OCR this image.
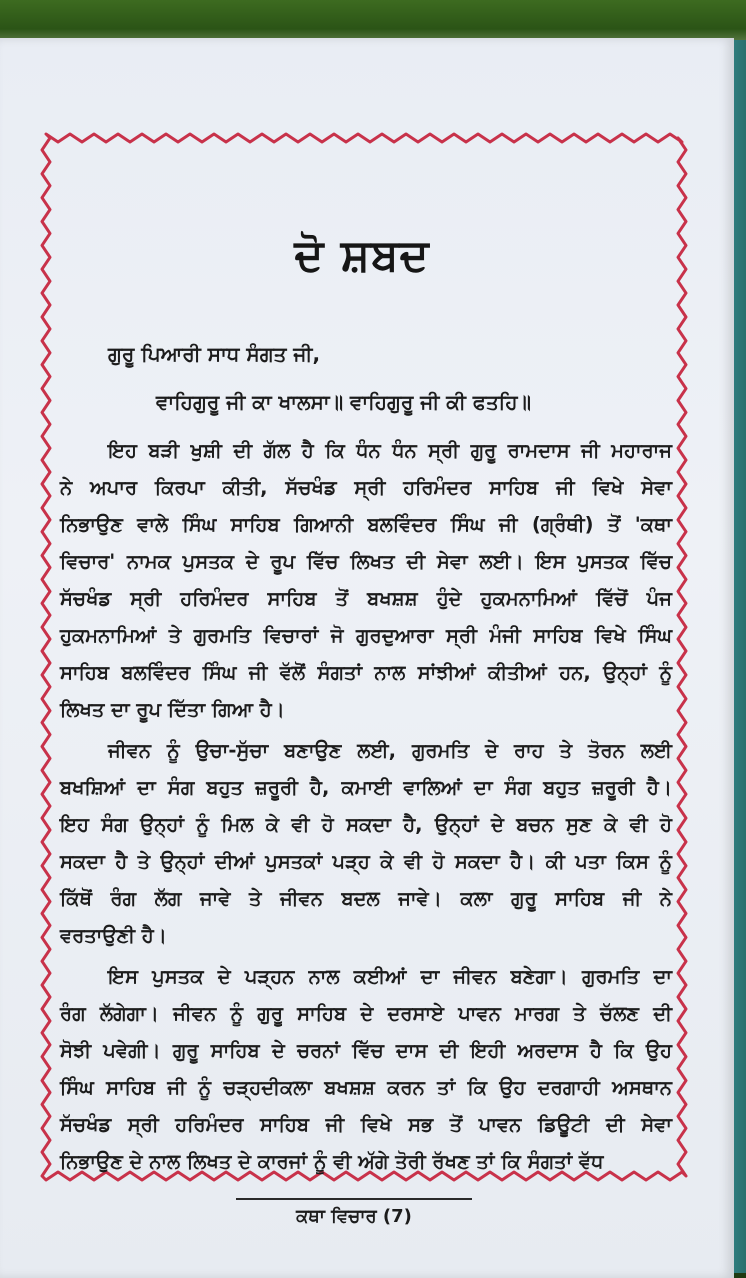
ਦੋ ਸ਼ਬਦ
ਗੁਰੂ ਪਿਆਰੀ ਸਾਧ ਸੰਗਤ ਜੀ,
ਵਾਹਿਗੁਰੂ ਜੀ ਕਾ ਖਾਲਸਾ॥ ਵਾਹਿਗੁਰੂ ਜੀ ਕੀ ਫਤਹਿ॥
ਇਹ ਬੜੀ ਖੁਸ਼ੀ ਦੀ ਗੱਲ ਹੈ ਕਿ ਧੰਨ ਧੰਨ ਸ੍ਰੀ ਗੁਰੂ ਰਾਮਦਾਸ ਜੀ ਮਹਾਰਾਜ
ਨੇ ਅਪਾਰ ਕਿਰਪਾ ਕੀਤੀ, ਸੱਚਖੰਡ ਸ੍ਰੀ ਹਰਿਮੰਦਰ ਸਾਹਿਬ ਜੀ ਵਿਖੇ ਸੇਵਾ
ਨਿਭਾਉਣ ਵਾਲੇ ਸਿੰਘ ਸਾਹਿਬ ਗਿਆਨੀ ਬਲਵਿੰਦਰ ਸਿੰਘ ਜੀ (ਗ੍ਰੰਥੀ) ਤੋਂ 'ਕਥਾ
ਵਿਚਾਰ' ਨਾਮਕ ਪੁਸਤਕ ਦੇ ਰੂਪ ਵਿੱਚ ਲਿਖਤ ਦੀ ਸੇਵਾ ਲਈ। ਇਸ ਪੁਸਤਕ ਵਿੱਚ
ਸੱਚਖੰਡ ਸ੍ਰੀ ਹਰਿਮੰਦਰ ਸਾਹਿਬ ਤੋਂ ਬਖਸ਼ਸ਼ ਹੁੰਦੇ ਹੁਕਮਨਾਮਿਆਂ ਵਿੱਚੋਂ ਪੰਜ
ਹੁਕਮਨਾਮਿਆਂ ਤੇ ਗੁਰਮਤਿ ਵਿਚਾਰਾਂ ਜੋ ਗੁਰਦੁਆਰਾ ਸ੍ਰੀ ਮੰਜੀ ਸਾਹਿਬ ਵਿਖੇ ਸਿੰਘ
ਸਾਹਿਬ ਬਲਵਿੰਦਰ ਸਿੰਘ ਜੀ ਵੱਲੋਂ ਸੰਗਤਾਂ ਨਾਲ ਸਾਂਝੀਆਂ ਕੀਤੀਆਂ ਹਨ, ਉਨ੍ਹਾਂ ਨੂੰ
ਲਿਖਤ ਦਾ ਰੂਪ ਦਿੱਤਾ ਗਿਆ ਹੈ।
ਜੀਵਨ ਨੂੰ ਉਚਾ-ਸੁੱਚਾ ਬਣਾਉਣ ਲਈ, ਗੁਰਮਤਿ ਦੇ ਰਾਹ ਤੇ ਤੋਰਨ ਲਈ
ਬਖਸ਼ਿਆਂ ਦਾ ਸੰਗ ਬਹੁਤ ਜ਼ਰੂਰੀ ਹੈ, ਕਮਾਈ ਵਾਲਿਆਂ ਦਾ ਸੰਗ ਬਹੁਤ ਜ਼ਰੂਰੀ ਹੈ।
ਇਹ ਸੰਗ ਉਨ੍ਹਾਂ ਨੂੰ ਮਿਲ ਕੇ ਵੀ ਹੋ ਸਕਦਾ ਹੈ, ਉਨ੍ਹਾਂ ਦੇ ਬਚਨ ਸੁਣ ਕੇ ਵੀ ਹੋ
ਸਕਦਾ ਹੈ ਤੇ ਉਨ੍ਹਾਂ ਦੀਆਂ ਪੁਸਤਕਾਂ ਪੜ੍ਹ ਕੇ ਵੀ ਹੋ ਸਕਦਾ ਹੈ। ਕੀ ਪਤਾ ਕਿਸ ਨੂੰ
ਕਿੱਥੋਂ ਰੰਗ ਲੱਗ ਜਾਵੇ ਤੇ ਜੀਵਨ ਬਦਲ ਜਾਵੇ। ਕਲਾ ਗੁਰੂ ਸਾਹਿਬ ਜੀ ਨੇ
ਵਰਤਾਉਣੀ ਹੈ।
ਇਸ ਪੁਸਤਕ ਦੇ ਪੜ੍ਹਨ ਨਾਲ ਕਈਆਂ ਦਾ ਜੀਵਨ ਬਣੇਗਾ। ਗੁਰਮਤਿ ਦਾ
ਰੰਗ ਲੱਗੇਗਾ। ਜੀਵਨ ਨੂੰ ਗੁਰੂ ਸਾਹਿਬ ਦੇ ਦਰਸਾਏ ਪਾਵਨ ਮਾਰਗ ਤੇ ਚੱਲਣ ਦੀ
ਸੋਝੀ ਪਵੇਗੀ। ਗੁਰੂ ਸਾਹਿਬ ਦੇ ਚਰਨਾਂ ਵਿੱਚ ਦਾਸ ਦੀ ਇਹੀ ਅਰਦਾਸ ਹੈ ਕਿ ਉਹ
ਸਿੰਘ ਸਾਹਿਬ ਜੀ ਨੂੰ ਚੜ੍ਹਦੀਕਲਾ ਬਖਸ਼ਸ਼ ਕਰਨ ਤਾਂ ਕਿ ਉਹ ਦਰਗਾਹੀ ਅਸਥਾਨ
ਸੱਚਖੰਡ ਸ੍ਰੀ ਹਰਿਮੰਦਰ ਸਾਹਿਬ ਜੀ ਵਿਖੇ ਸਭ ਤੋਂ ਪਾਵਨ ਡਿਊਟੀ ਦੀ ਸੇਵਾ
ਨਿਭਾਉਣ ਦੇ ਨਾਲ ਲਿਖਤ ਦੇ ਕਾਰਜਾਂ ਨੂੰ ਵੀ ਅੱਗੇ ਤੋਰੀ ਰੱਖਣ ਤਾਂ ਕਿ ਸੰਗਤਾਂ ਵੱਧ
ਕਥਾ ਵਿਚਾਰ (7)
